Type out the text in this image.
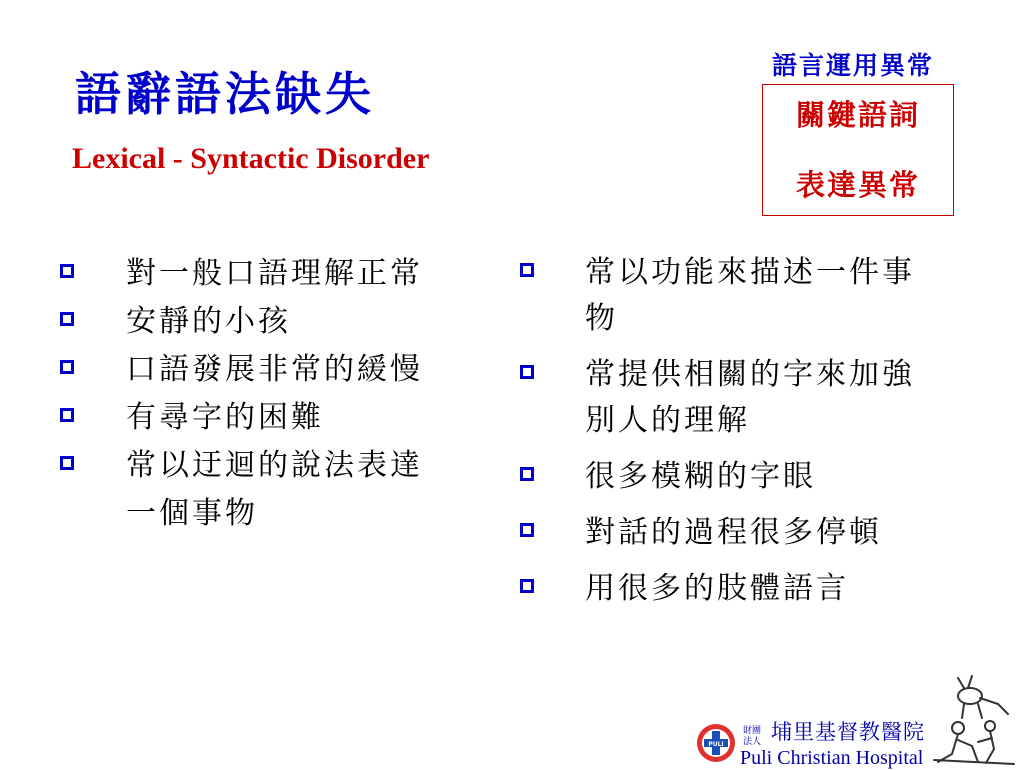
語辭語法缺失
Lexical - Syntactic Disorder
語言運用異常
關鍵語詞
表達異常
對一般口語理解正常
安靜的小孩
口語發展非常的緩慢
有尋字的困難
常以迂迴的說法表達
一個事物
常以功能來描述一件事
物
常提供相關的字來加強
別人的理解
很多模糊的字眼
對話的過程很多停頓
用很多的肢體語言
PULI
財團
法人 埔里基督教醫院
Puli Christian Hospital
